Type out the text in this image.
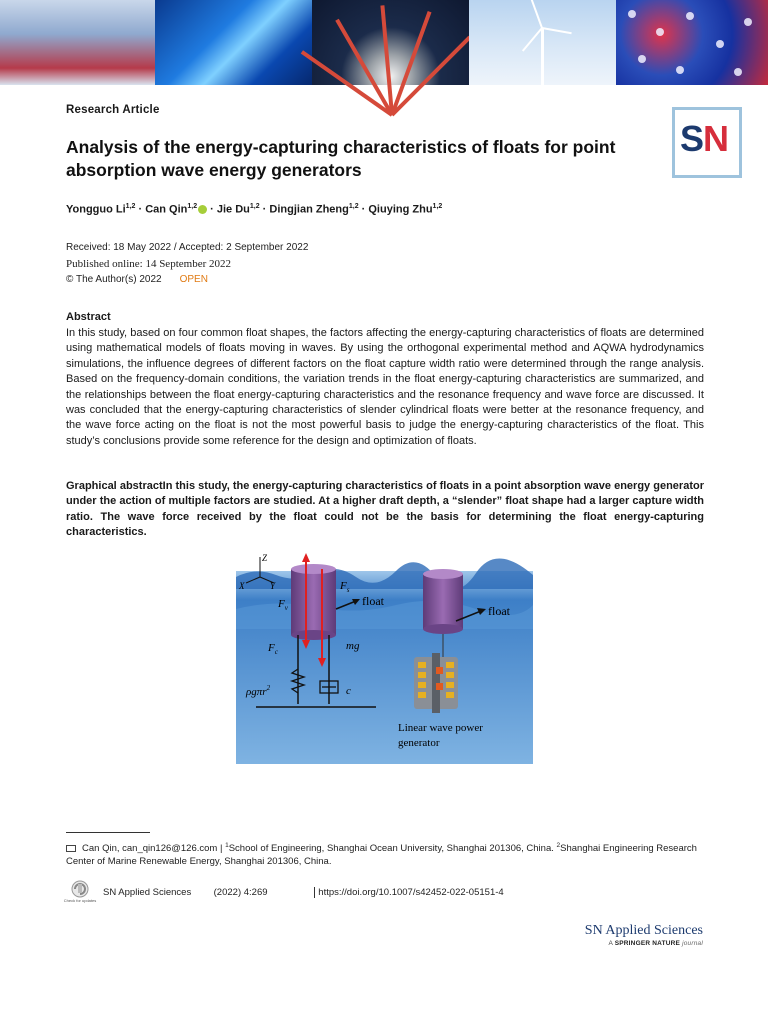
Research Article
Analysis of the energy-capturing characteristics of floats for point absorption wave energy generators
SN
Yongguo Li$^{1,2}$ · Can Qin$^{1,2}$ · Jie Du$^{1,2}$ · Dingjian Zheng$^{1,2}$ · Qiuying Zhu$^{1,2}$
Received: 18 May 2022 / Accepted: 2 September 2022
Published online: 14 September 2022
© The Author(s) 2022 OPEN
Abstract
In this study, based on four common float shapes, the factors affecting the energy-capturing characteristics of floats are determined using mathematical models of floats moving in waves. By using the orthogonal experimental method and AQWA hydrodynamics simulations, the influence degrees of different factors on the float capture width ratio were determined through the range analysis. Based on the frequency-domain conditions, the variation trends in the float energy-capturing characteristics are summarized, and the relationships between the float energy-capturing characteristics and the resonance frequency and wave force are discussed. It was concluded that the energy-capturing characteristics of slender cylindrical floats were better at the resonance frequency, and the wave force acting on the float is not the most powerful basis to judge the energy-capturing characteristics of the float. This study’s conclusions provide some reference for the design and optimization of floats.
Graphical abstractIn this study, the energy-capturing characteristics of floats in a point absorption wave energy generator under the action of multiple factors are studied. At a higher draft depth, a “slender” float shape had a larger capture width ratio. The wave force received by the float could not be the basis for determining the float energy-capturing characteristics.
Z
X	Y
$F_v$
$F_s$
float
$F_c$	mg
ρgπr$^2$	c
float
Linear wave power
generator
Can Qin, can_qin126@126.com | $^1$School of Engineering, Shanghai Ocean University, Shanghai 201306, China. $^2$Shanghai Engineering Research Center of Marine Renewable Energy, Shanghai 201306, China.
Check for updates
SN Applied Sciences (2022) 4:269	https://doi.org/10.1007/s42452-022-05151-4
SN Applied Sciences
A SPRINGER NATURE journal
